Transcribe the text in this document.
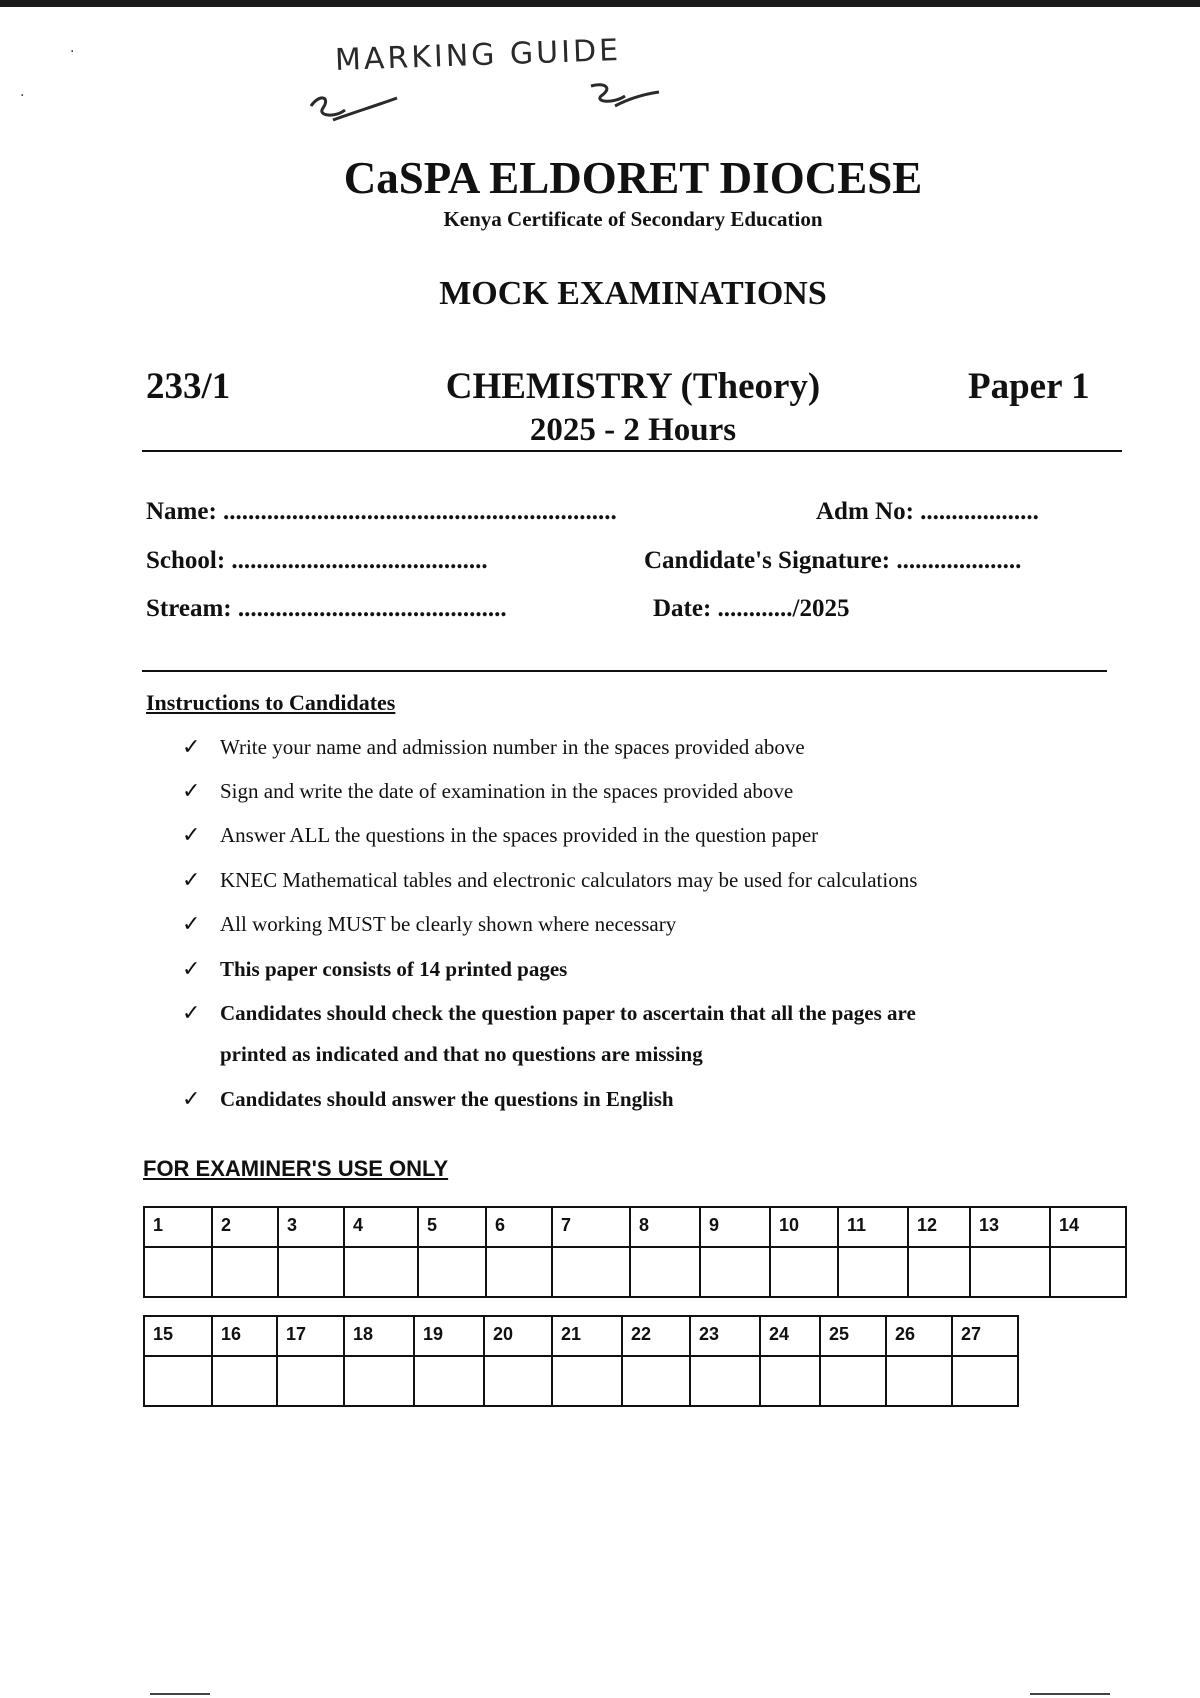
·
·
MARKING GUIDE
CaSPA ELDORET DIOCESE

Kenya Certificate of Secondary Education

MOCK EXAMINATIONS
233/1	CHEMISTRY (Theory)	Paper 1
2025 - 2 Hours
Name: ...............................................................	Adm No: ...................
School: .........................................	Candidate's Signature: ....................
Stream: ...........................................	Date: ............/2025
Instructions to Candidates
✓ Write your name and admission number in the spaces provided above
✓ Sign and write the date of examination in the spaces provided above
✓ Answer ALL the questions in the spaces provided in the question paper
✓ KNEC Mathematical tables and electronic calculators may be used for calculations
✓ All working MUST be clearly shown where necessary
✓ This paper consists of 14 printed pages
✓ Candidates should check the question paper to ascertain that all the pages are
printed as indicated and that no questions are missing
✓ Candidates should answer the questions in English
FOR EXAMINER'S USE ONLY
1	2	3	4	5	6	7	8	9	10	11	12	13	14

15	16	17	18	19	20	21	22	23	24	25	26	27
